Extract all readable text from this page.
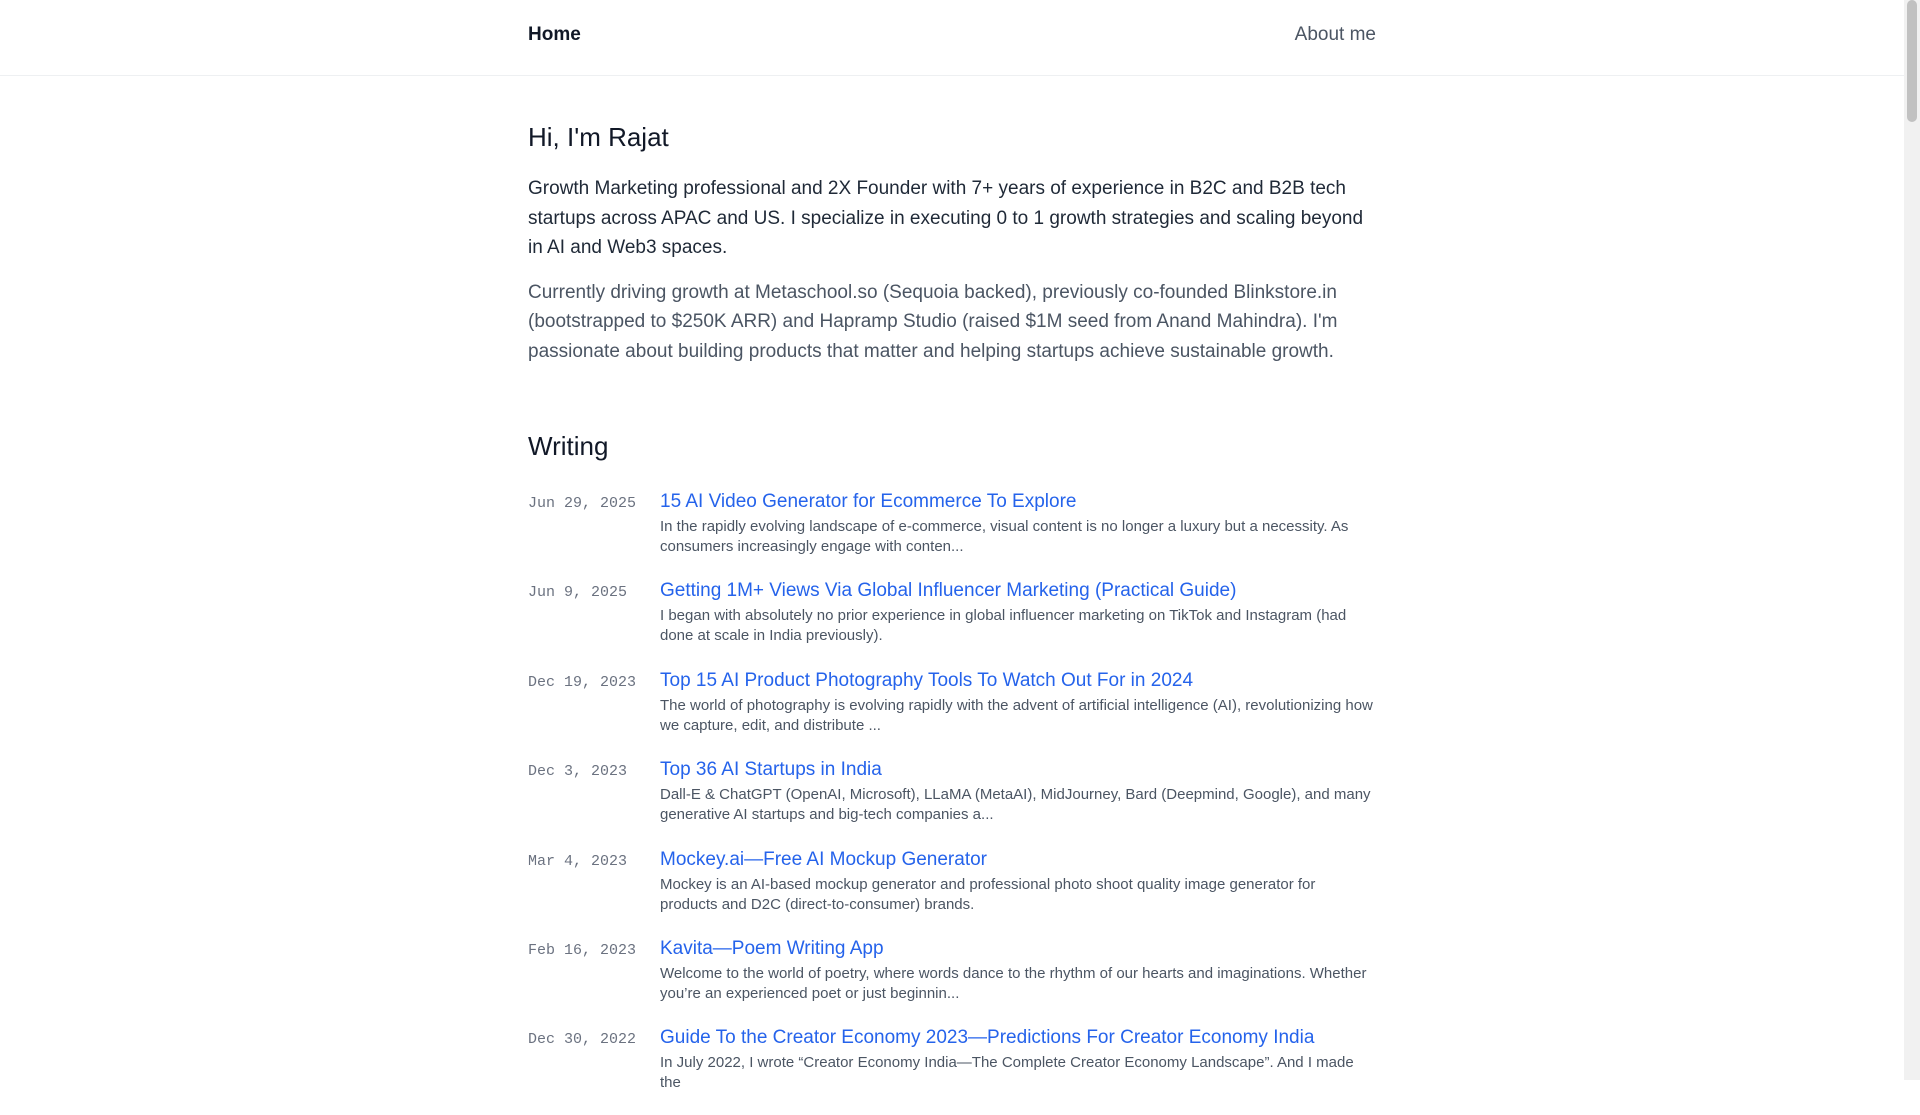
Home	About me
Hi, I'm Rajat

Growth Marketing professional and 2X Founder with 7+ years of experience in B2C and B2B tech startups across APAC and US. I specialize in executing 0 to 1 growth strategies and scaling beyond in AI and Web3 spaces.

Currently driving growth at Metaschool.so (Sequoia backed), previously co-founded Blinkstore.in (bootstrapped to $250K ARR) and Hapramp Studio (raised $1M seed from Anand Mahindra). I'm passionate about building products that matter and helping startups achieve sustainable growth.

Writing
Jun 29, 2025	15 AI Video Generator for Ecommerce To Explore

In the rapidly evolving landscape of e-commerce, visual content is no longer a luxury but a necessity. As consumers increasingly engage with conten...

Jun 9, 2025	Getting 1M+ Views Via Global Influencer Marketing (Practical Guide)

I began with absolutely no prior experience in global influencer marketing on TikTok and Instagram (had done at scale in India previously).

Dec 19, 2023	Top 15 AI Product Photography Tools To Watch Out For in 2024

The world of photography is evolving rapidly with the advent of artificial intelligence (AI), revolutionizing how we capture, edit, and distribute ...

Dec 3, 2023	Top 36 AI Startups in India

Dall-E & ChatGPT (OpenAI, Microsoft), LLaMA (MetaAI), MidJourney, Bard (Deepmind, Google), and many generative AI startups and big-tech companies a...

Mar 4, 2023	Mockey.ai—Free AI Mockup Generator

Mockey is an AI-based mockup generator and professional photo shoot quality image generator for products and D2C (direct-to-consumer) brands.

Feb 16, 2023	Kavita—Poem Writing App

Welcome to the world of poetry, where words dance to the rhythm of our hearts and imaginations. Whether you’re an experienced poet or just beginnin...

Dec 30, 2022	Guide To the Creator Economy 2023—Predictions For Creator Economy India

In July 2022, I wrote “Creator Economy India—The Complete Creator Economy Landscape”. And I made the
